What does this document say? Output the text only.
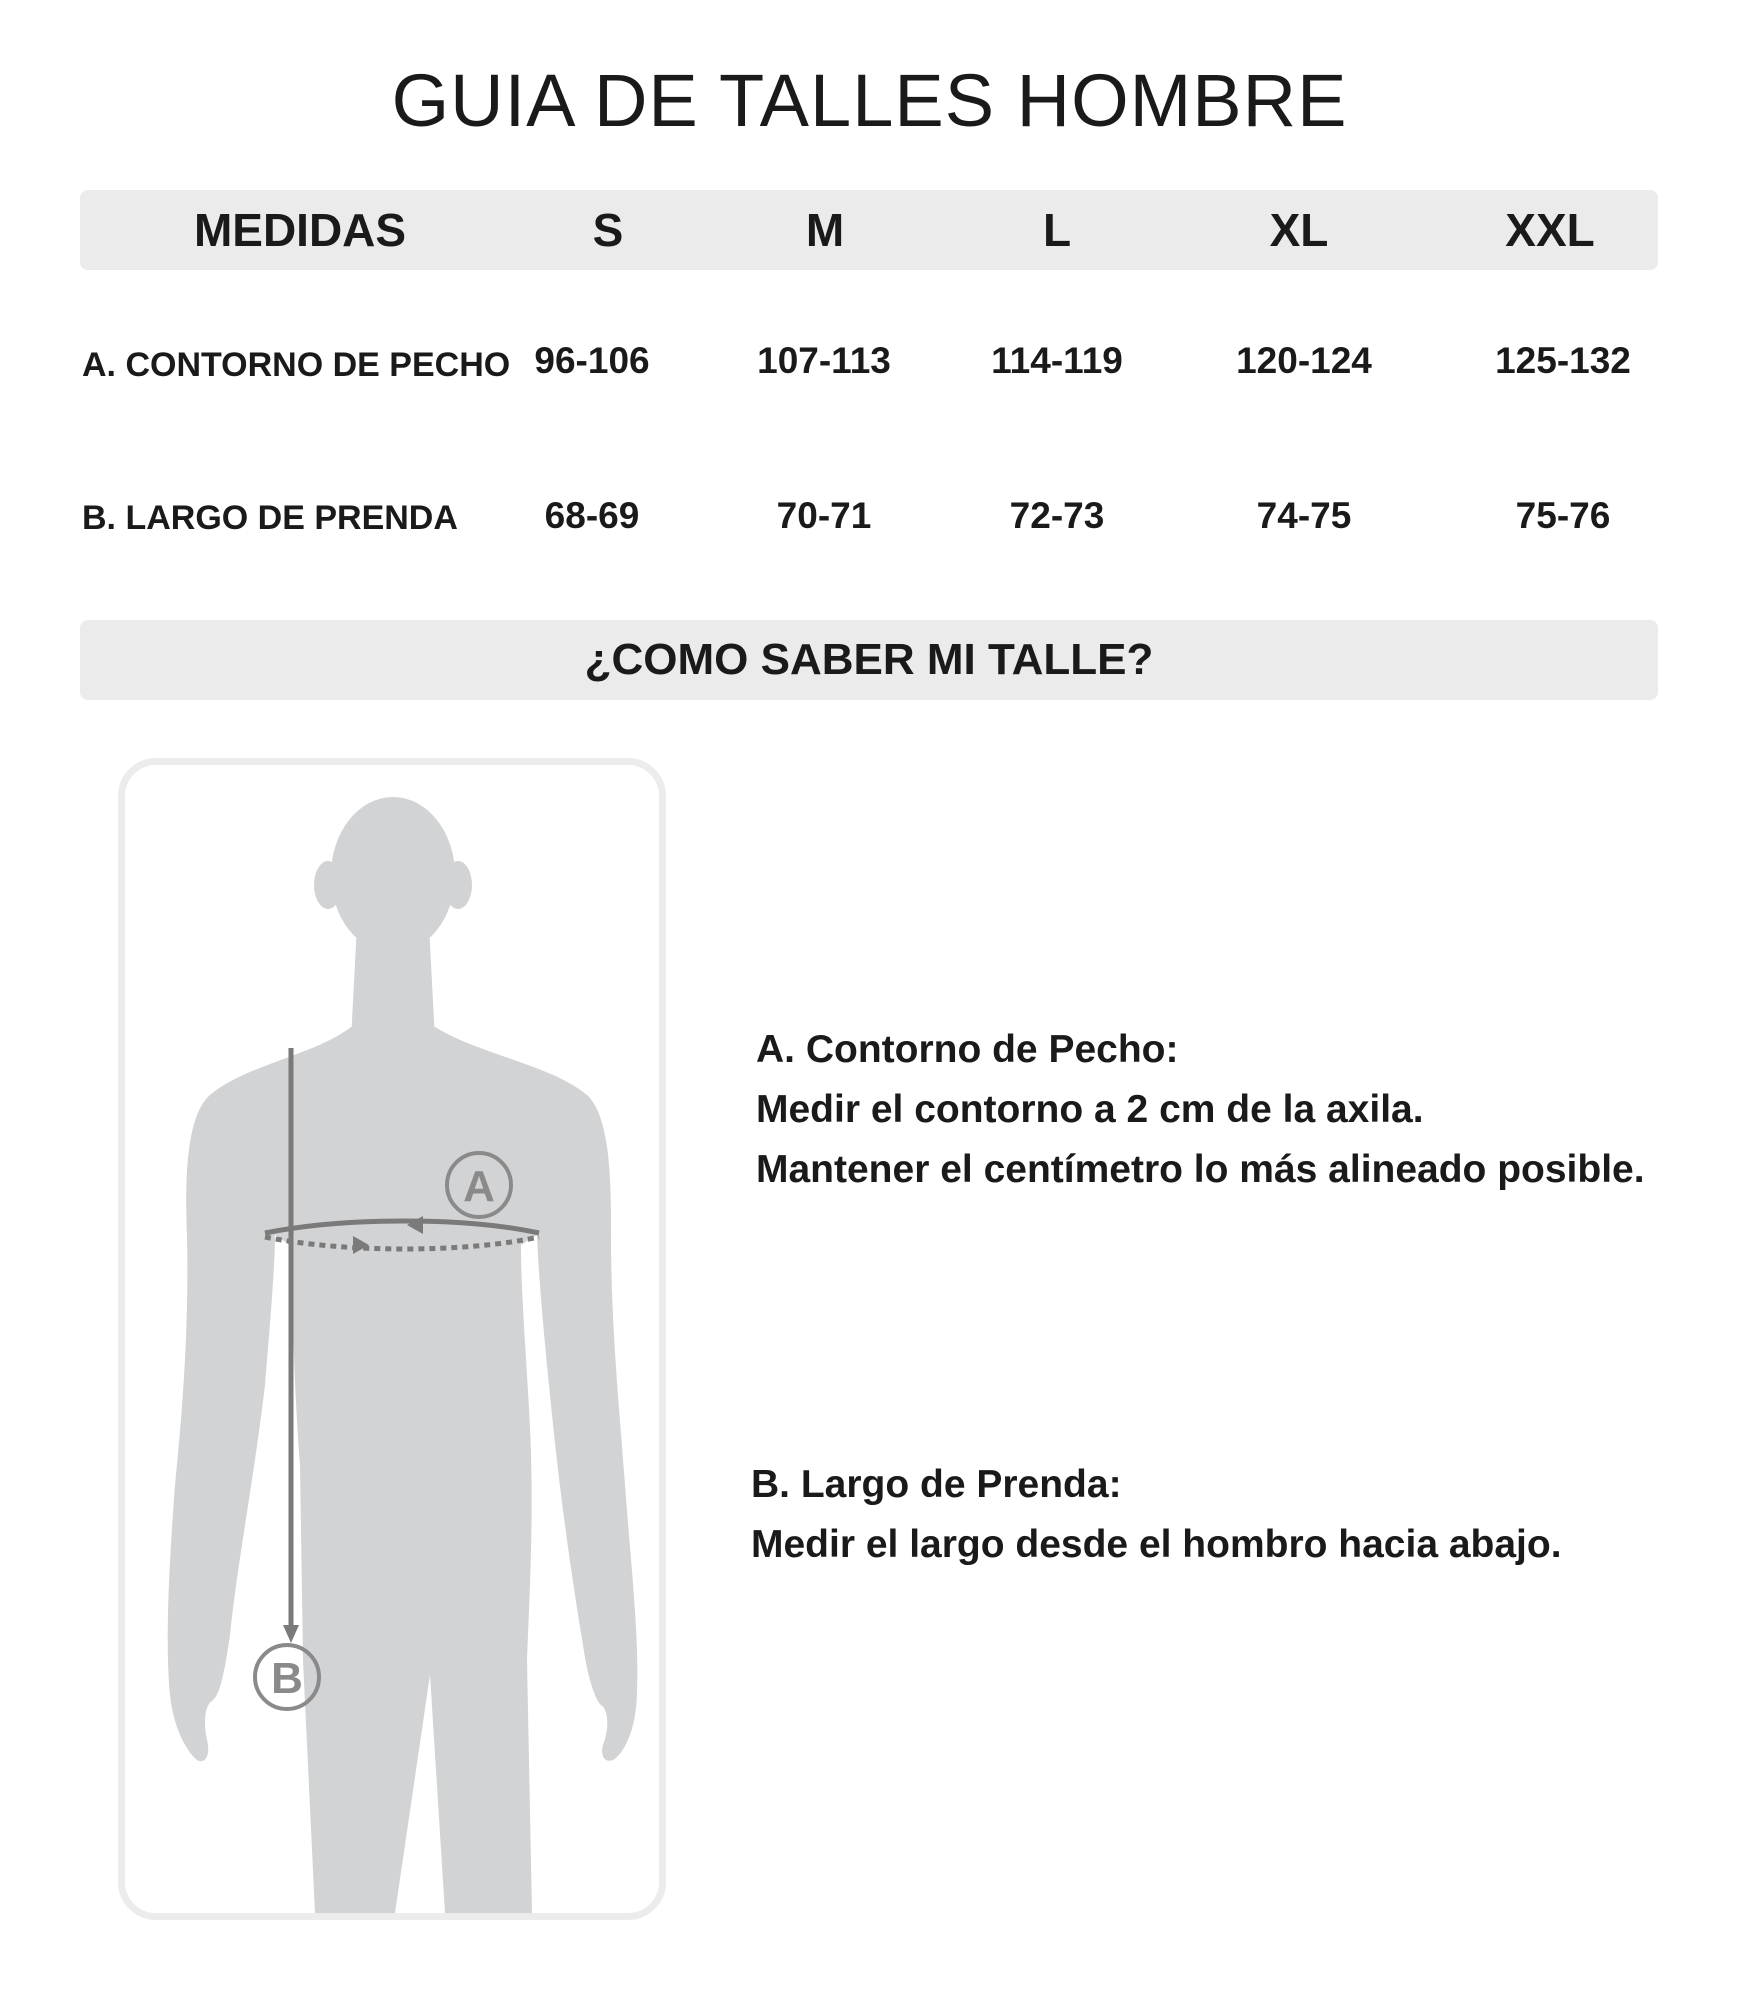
GUIA DE TALLES HOMBRE
MEDIDAS	S	M	L	XL	XXL
A. CONTORNO DE PECHO 96-106	107-113	114-119	120-124	125-132
B. LARGO DE PRENDA 68-69	70-71	72-73	74-75	75-76
¿COMO SABER MI TALLE?
B
A
A. Contorno de Pecho:
Medir el contorno a 2 cm de la axila.
Mantener el centímetro lo más alineado posible.
B. Largo de Prenda:
Medir el largo desde el hombro hacia abajo.
